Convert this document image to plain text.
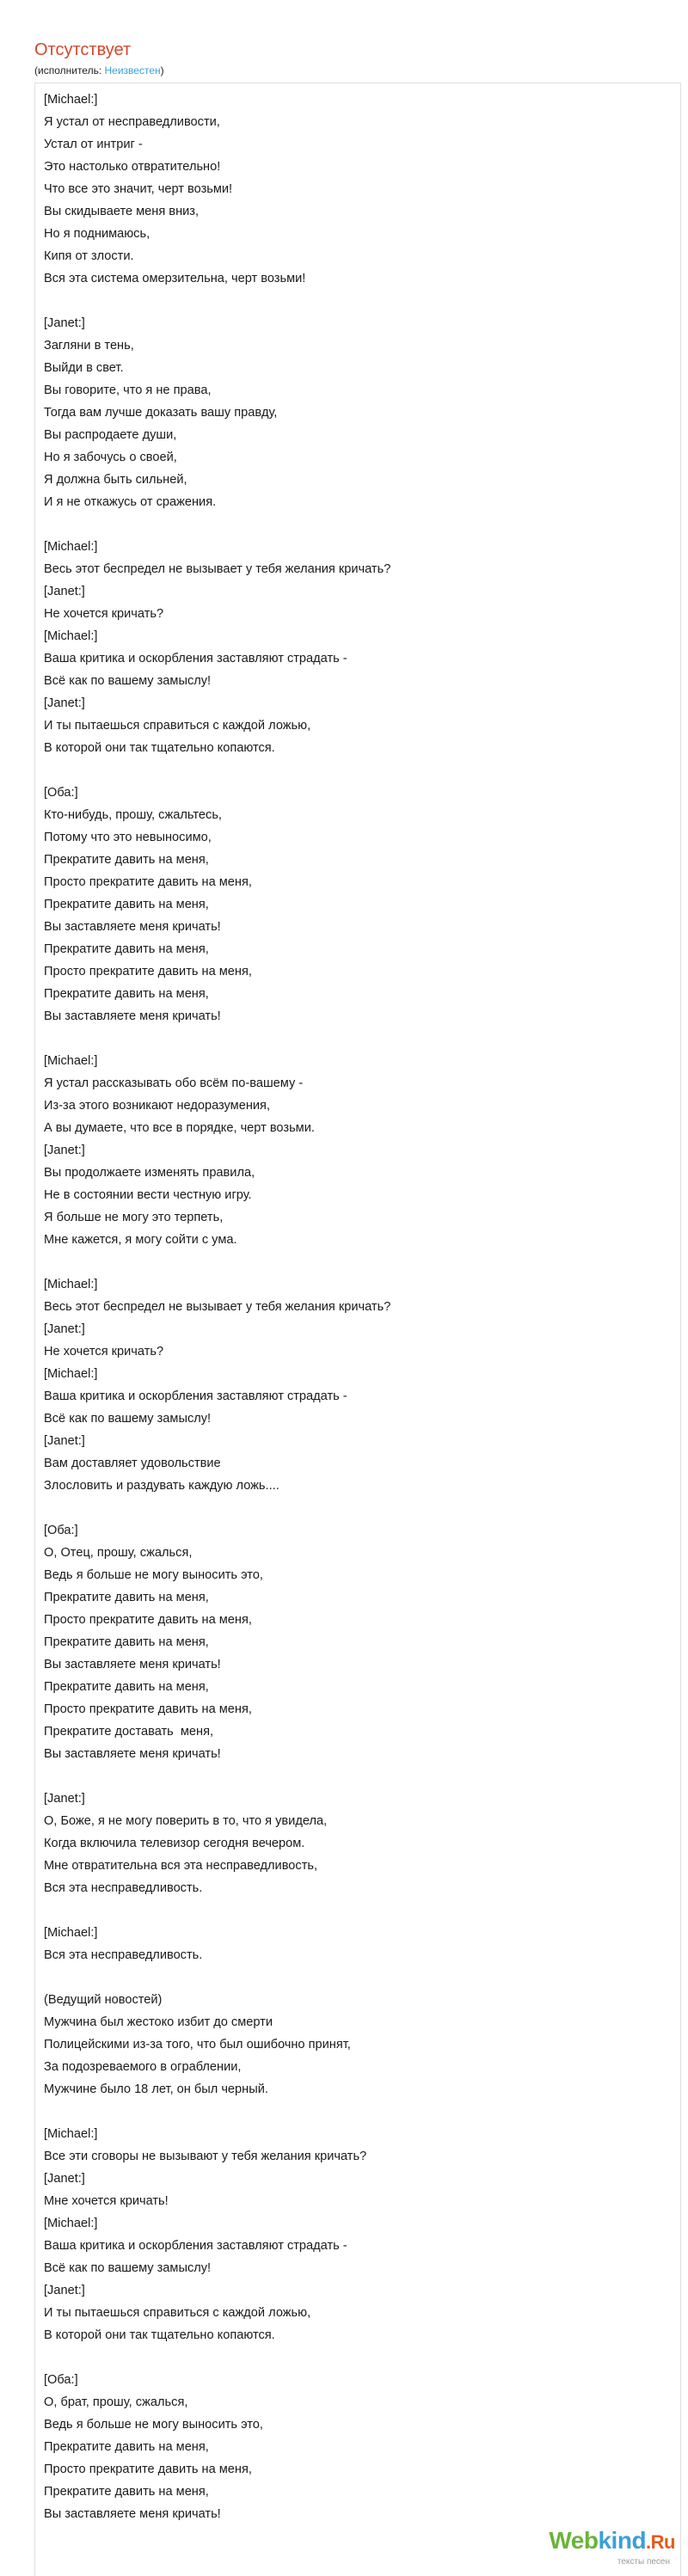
Отсутствует
(исполнитель: Неизвестен)
[Michael:]
Я устал от несправедливости,
Устал от интриг -
Это настолько отвратительно!
Что все это значит, черт возьми!
Вы скидываете меня вниз,
Но я поднимаюсь,
Кипя от злости.
Вся эта система омерзительна, черт возьми!

[Janet:]
Загляни в тень,
Выйди в свет.
Вы говорите, что я не права,
Тогда вам лучше доказать вашу правду,
Вы распродаете души,
Но я забочусь о своей,
Я должна быть сильней,
И я не откажусь от сражения.

[Michael:]
Весь этот беспредел не вызывает у тебя желания кричать?
[Janet:]
Не хочется кричать?
[Michael:]
Ваша критика и оскорбления заставляют страдать -
Всё как по вашему замыслу!
[Janet:]
И ты пытаешься справиться с каждой ложью,
В которой они так тщательно копаются.

[Оба:]
Кто-нибудь, прошу, сжальтесь,
Потому что это невыносимо,
Прекратите давить на меня,
Просто прекратите давить на меня,
Прекратите давить на меня,
Вы заставляете меня кричать!
Прекратите давить на меня,
Просто прекратите давить на меня,
Прекратите давить на меня,
Вы заставляете меня кричать!

[Michael:]
Я устал рассказывать обо всём по-вашему -
Из-за этого возникают недоразумения,
А вы думаете, что все в порядке, черт возьми.
[Janet:]
Вы продолжаете изменять правила,
Не в состоянии вести честную игру.
Я больше не могу это терпеть,
Мне кажется, я могу сойти с ума.

[Michael:]
Весь этот беспредел не вызывает у тебя желания кричать?
[Janet:]
Не хочется кричать?
[Michael:]
Ваша критика и оскорбления заставляют страдать -
Всё как по вашему замыслу!
[Janet:]
Вам доставляет удовольствие
Злословить и раздувать каждую ложь....

[Оба:]
О, Отец, прошу, сжалься,
Ведь я больше не могу выносить это,
Прекратите давить на меня,
Просто прекратите давить на меня,
Прекратите давить на меня,
Вы заставляете меня кричать!
Прекратите давить на меня,
Просто прекратите давить на меня,
Прекратите доставать  меня,
Вы заставляете меня кричать!

[Janet:]
О, Боже, я не могу поверить в то, что я увидела,
Когда включила телевизор сегодня вечером.
Мне отвратительна вся эта несправедливость,
Вся эта несправедливость.

[Michael:]
Вся эта несправедливость.

(Ведущий новостей)
Мужчина был жестоко избит до смерти
Полицейскими из-за того, что был ошибочно принят,
За подозреваемого в ограблении,
Мужчине было 18 лет, он был черный.

[Michael:]
Все эти сговоры не вызывают у тебя желания кричать?
[Janet:]
Мне хочется кричать!
[Michael:]
Ваша критика и оскорбления заставляют страдать -
Всё как по вашему замыслу!
[Janet:]
И ты пытаешься справиться с каждой ложью,
В которой они так тщательно копаются.

[Оба:]
О, брат, прошу, сжалься,
Ведь я больше не могу выносить это,
Прекратите давить на меня,
Просто прекратите давить на меня,
Прекратите давить на меня,
Вы заставляете меня кричать!
Webkind.Ru
тексты песен
